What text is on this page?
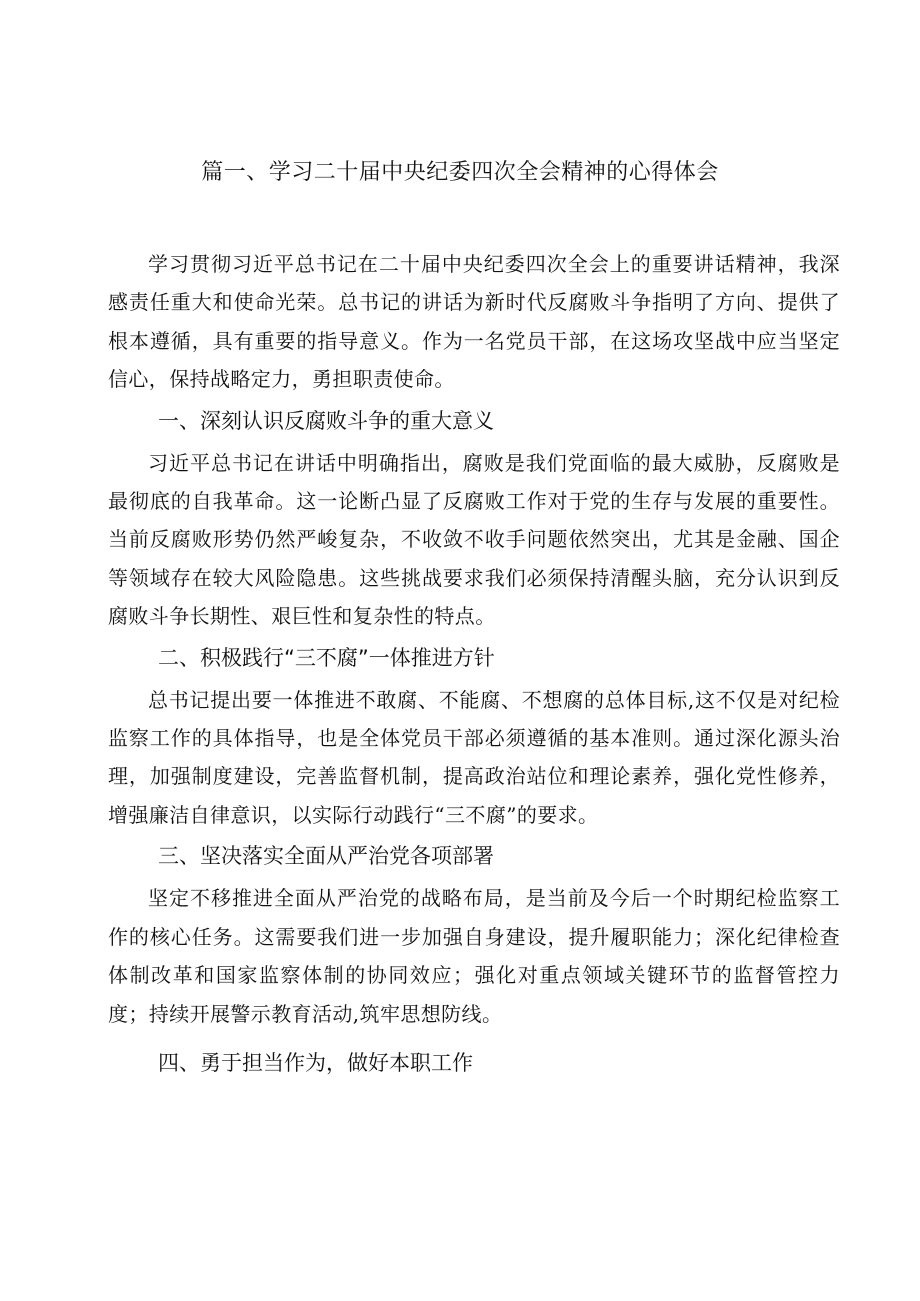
篇一、学习二十届中央纪委四次全会精神的心得体会

学习贯彻习近平总书记在二十届中央纪委四次全会上的重要讲话精神，我深感责任重大和使命光荣。总书记的讲话为新时代反腐败斗争指明了方向、提供了根本遵循，具有重要的指导意义。作为一名党员干部，在这场攻坚战中应当坚定信心，保持战略定力，勇担职责使命。

一、深刻认识反腐败斗争的重大意义

习近平总书记在讲话中明确指出，腐败是我们党面临的最大威胁，反腐败是最彻底的自我革命。这一论断凸显了反腐败工作对于党的生存与发展的重要性。当前反腐败形势仍然严峻复杂，不收敛不收手问题依然突出，尤其是金融、国企等领域存在较大风险隐患。这些挑战要求我们必须保持清醒头脑，充分认识到反腐败斗争长期性、艰巨性和复杂性的特点。

二、积极践行“三不腐”一体推进方针

总书记提出要一体推进不敢腐、不能腐、不想腐的总体目标,这不仅是对纪检监察工作的具体指导，也是全体党员干部必须遵循的基本准则。通过深化源头治理，加强制度建设，完善监督机制，提高政治站位和理论素养，强化党性修养，增强廉洁自律意识，以实际行动践行“三不腐”的要求。

三、坚决落实全面从严治党各项部署

坚定不移推进全面从严治党的战略布局，是当前及今后一个时期纪检监察工作的核心任务。这需要我们进一步加强自身建设，提升履职能力；深化纪律检查体制改革和国家监察体制的协同效应；强化对重点领域关键环节的监督管控力度；持续开展警示教育活动,筑牢思想防线。

四、勇于担当作为，做好本职工作
